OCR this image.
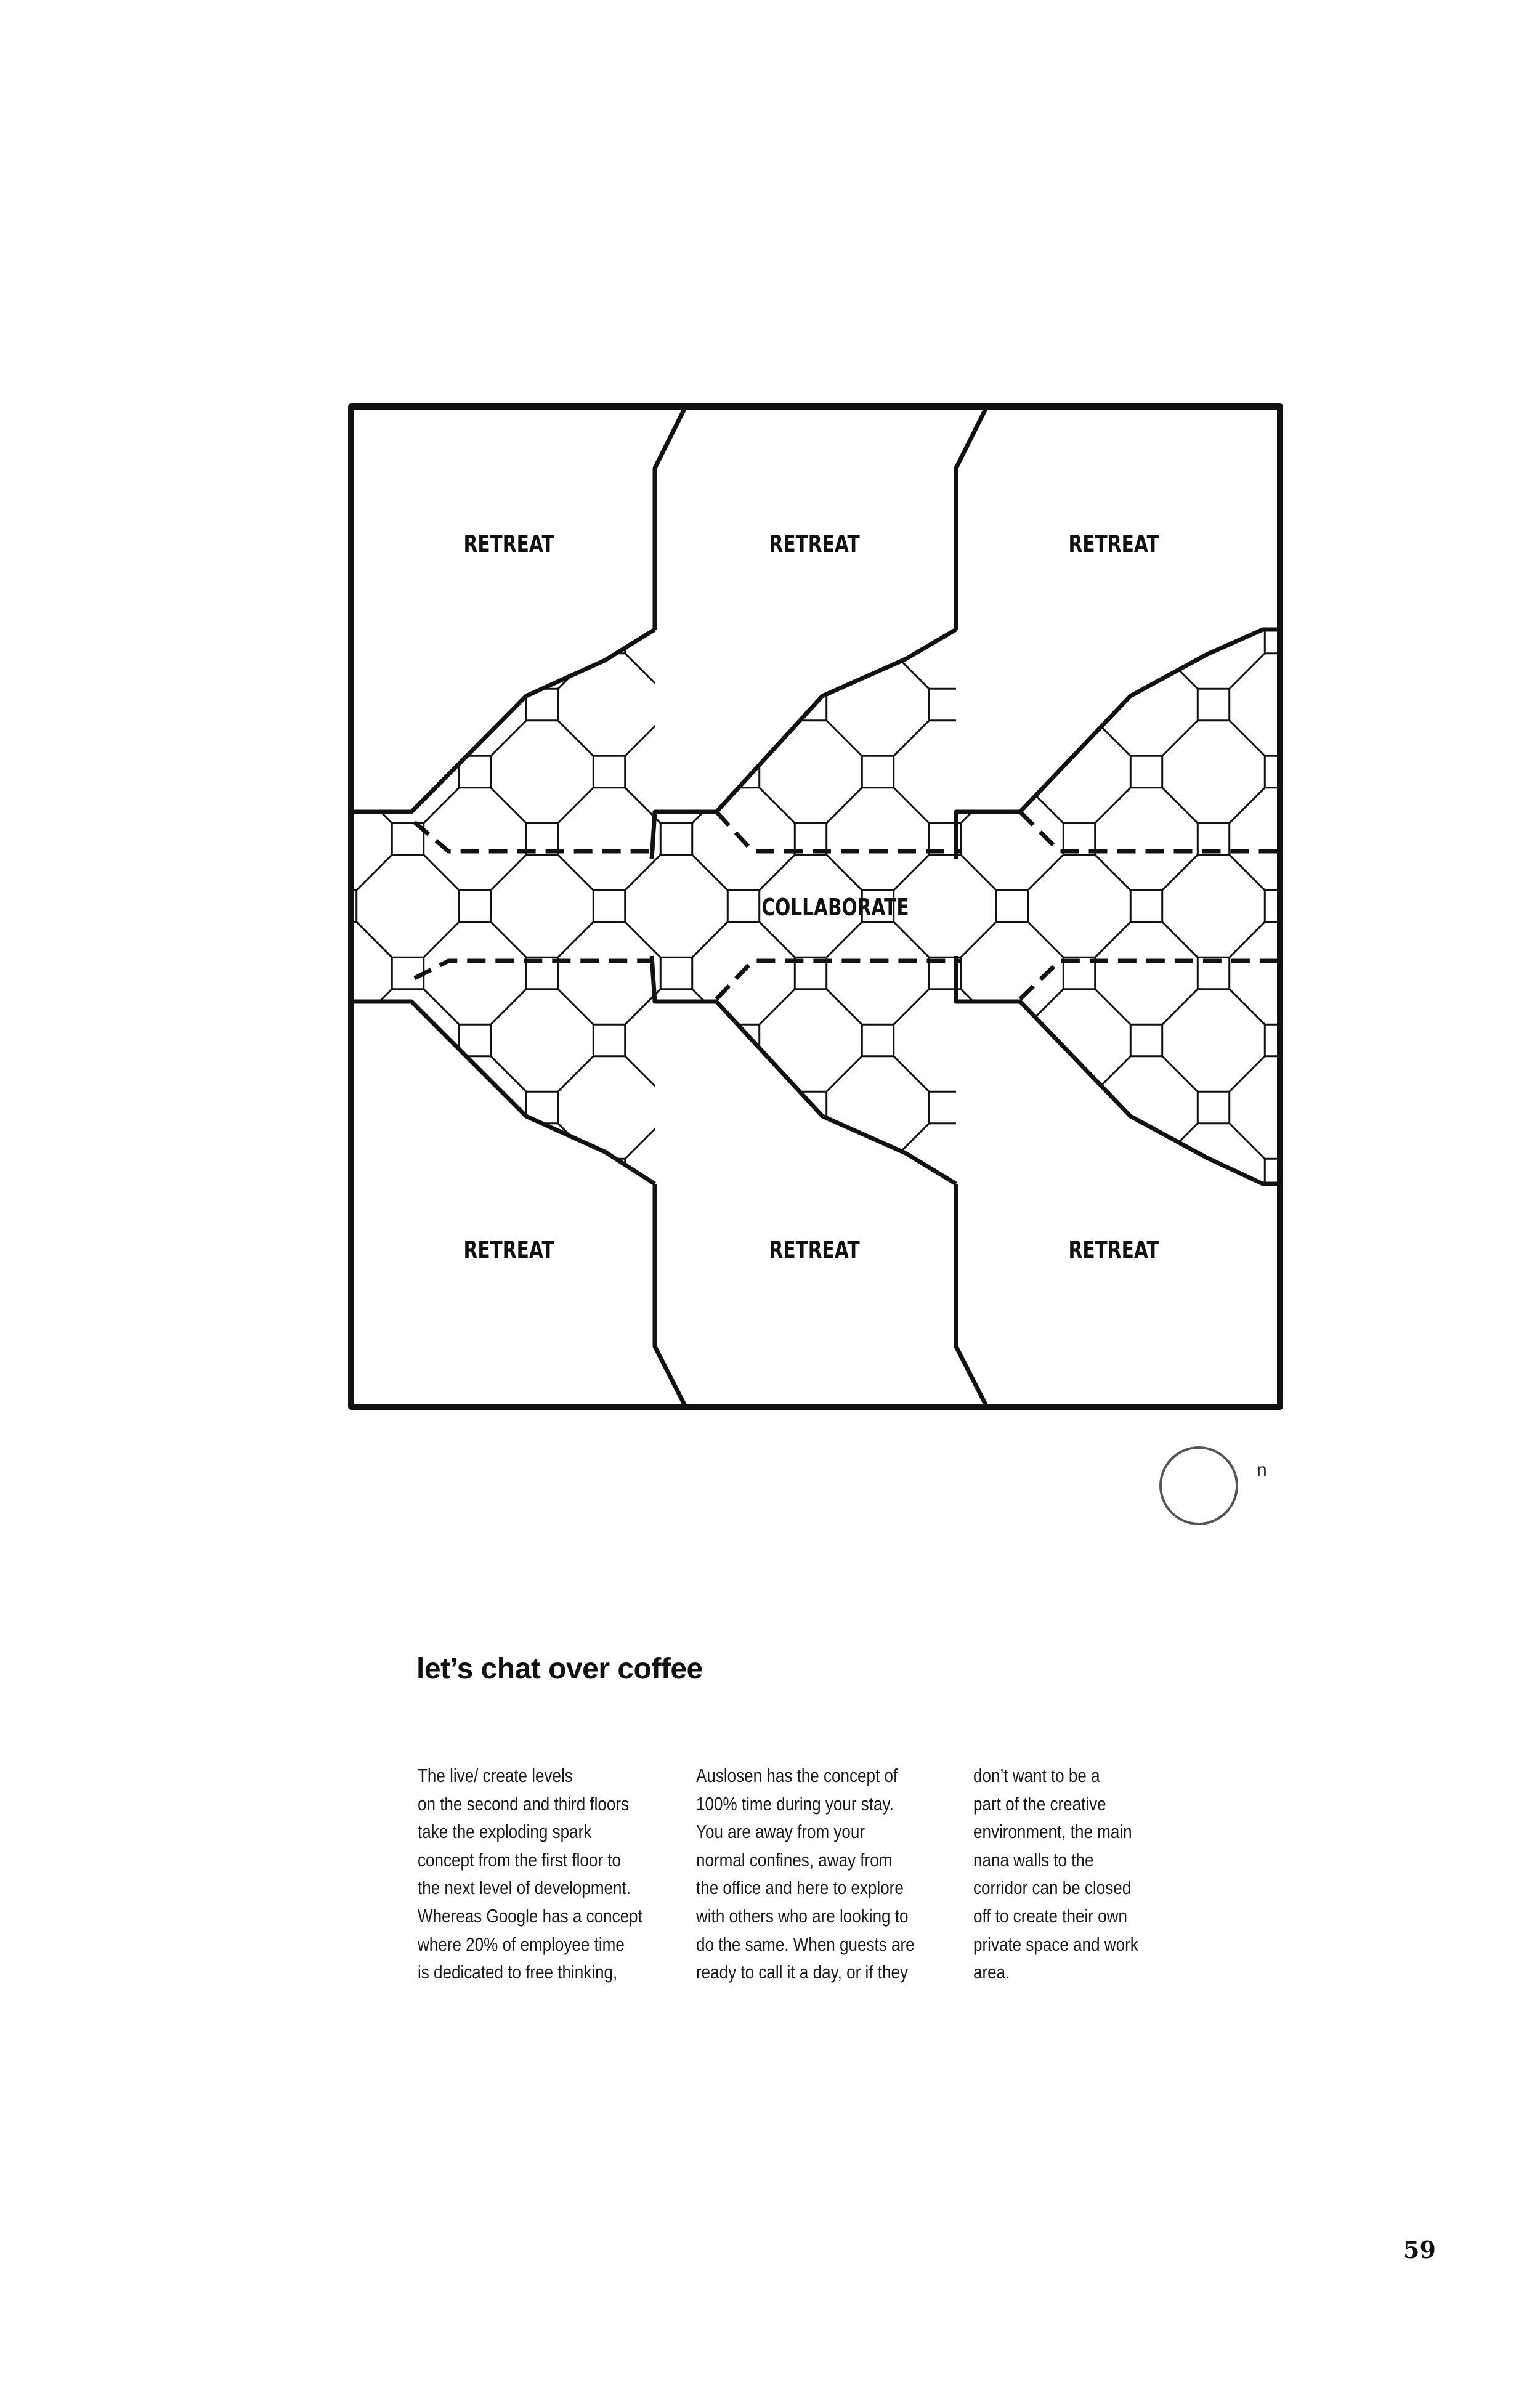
RETREAT	RETREAT	RETREAT
COLLABORATE
RETREAT	RETREAT	RETREAT
n
let’s chat over coffee
The live/ create levels
on the second and third floors
take the exploding spark
concept from the first floor to
the next level of development.
Whereas Google has a concept
where 20% of employee time
is dedicated to free thinking,
Auslosen has the concept of
100% time during your stay.
You are away from your
normal confines, away from
the office and here to explore
with others who are looking to
do the same. When guests are
ready to call it a day, or if they
don’t want to be a
part of the creative
environment, the main
nana walls to the
corridor can be closed
off to create their own
private space and work
area.
59
